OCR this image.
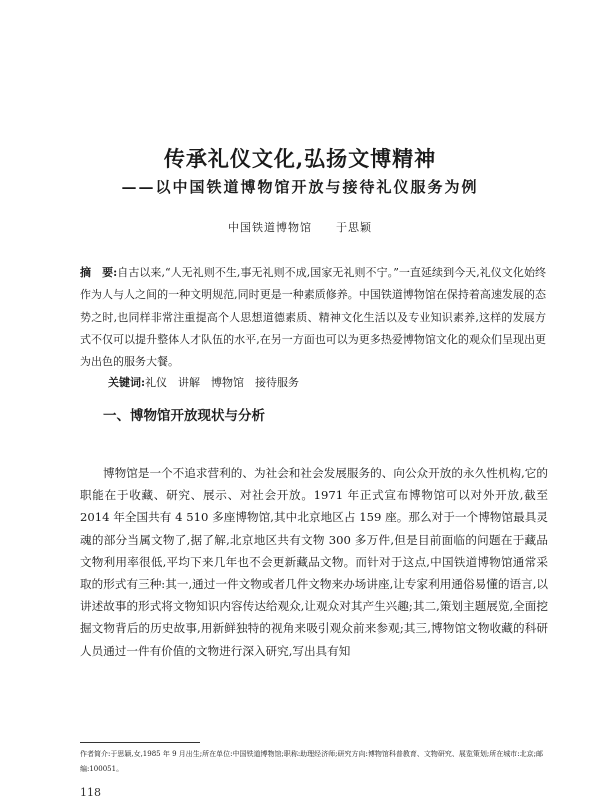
传承礼仪文化,弘扬文博精神
——以中国铁道博物馆开放与接待礼仪服务为例
中国铁道博物馆　　于思颖

摘　要:自古以来,“人无礼则不生,事无礼则不成,国家无礼则不宁。”一直延续到今天,礼仪文化始终作为人与人之间的一种文明规范,同时更是一种素质修养。中国铁道博物馆在保持着高速发展的态势之时,也同样非常注重提高个人思想道德素质、精神文化生活以及专业知识素养,这样的发展方式不仅可以提升整体人才队伍的水平,在另一方面也可以为更多热爱博物馆文化的观众们呈现出更为出色的服务大餐。

关键词:礼仪　讲解　博物馆　接待服务

一、博物馆开放现状与分析

博物馆是一个不追求营利的、为社会和社会发展服务的、向公众开放的永久性机构,它的职能在于收藏、研究、展示、对社会开放。1971 年正式宣布博物馆可以对外开放,截至 2014 年全国共有 4 510 多座博物馆,其中北京地区占 159 座。那么对于一个博物馆最具灵魂的部分当属文物了,据了解,北京地区共有文物 300 多万件,但是目前面临的问题在于藏品文物利用率很低,平均下来几年也不会更新藏品文物。而针对于这点,中国铁道博物馆通常采取的形式有三种:其一,通过一件文物或者几件文物来办场讲座,让专家利用通俗易懂的语言,以讲述故事的形式将文物知识内容传达给观众,让观众对其产生兴趣;其二,策划主题展览,全面挖掘文物背后的历史故事,用新鲜独特的视角来吸引观众前来参观;其三,博物馆文物收藏的科研人员通过一件有价值的文物进行深入研究,写出具有知

作者简介:于思颖,女,1985 年 9 月出生;所在单位:中国铁道博物馆;职称:助理经济师;研究方向:博物馆科普教育、文物研究、展览策划;所在城市:北京;邮编:100051。

118
